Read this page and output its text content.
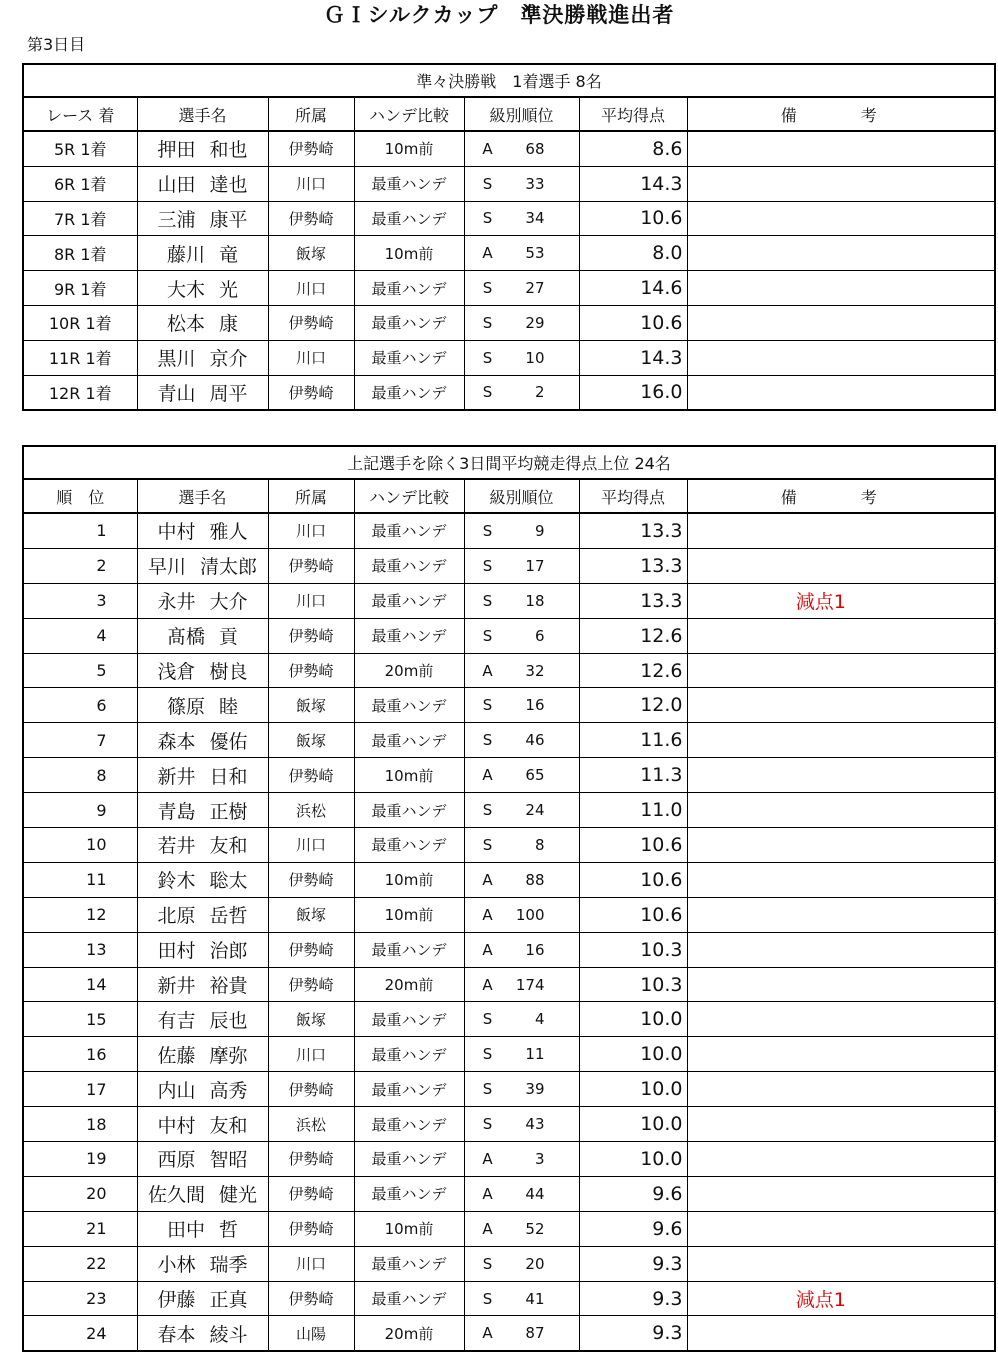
ＧＩシルクカップ　準決勝戦進出者
第3日目
準々決勝戦　1着選手 8名						
レース 着	選手名	所属	ハンデ比較	級別順位	平均得点	備　考
5R 1着	押田 和也	伊勢崎	10m前	A 68	8.6	
6R 1着	山田 達也	川口	最重ハンデ	S 33	14.3	
7R 1着	三浦 康平	伊勢崎	最重ハンデ	S 34	10.6	
8R 1着	藤川 竜	飯塚	10m前	A 53	8.0	
9R 1着	大木 光	川口	最重ハンデ	S 27	14.6	
10R 1着	松本 康	伊勢崎	最重ハンデ	S 29	10.6	
11R 1着	黒川 京介	川口	最重ハンデ	S 10	14.3	
12R 1着	青山 周平	伊勢崎	最重ハンデ	S 2	16.0	
上記選手を除く3日間平均競走得点上位 24名						
順　位	選手名	所属	ハンデ比較	級別順位	平均得点	備　考
1	中村 雅人	川口	最重ハンデ	S 9	13.3	
2	早川 清太郎	伊勢崎	最重ハンデ	S 17	13.3	
3	永井 大介	川口	最重ハンデ	S 18	13.3	減点1
4	髙橋 貢	伊勢崎	最重ハンデ	S 6	12.6	
5	浅倉 樹良	伊勢崎	20m前	A 32	12.6	
6	篠原 睦	飯塚	最重ハンデ	S 16	12.0	
7	森本 優佑	飯塚	最重ハンデ	S 46	11.6	
8	新井 日和	伊勢崎	10m前	A 65	11.3	
9	青島 正樹	浜松	最重ハンデ	S 24	11.0	
10	若井 友和	川口	最重ハンデ	S 8	10.6	
11	鈴木 聡太	伊勢崎	10m前	A 88	10.6	
12	北原 岳哲	飯塚	10m前	A 100	10.6	
13	田村 治郎	伊勢崎	最重ハンデ	A 16	10.3	
14	新井 裕貴	伊勢崎	20m前	A 174	10.3	
15	有吉 辰也	飯塚	最重ハンデ	S 4	10.0	
16	佐藤 摩弥	川口	最重ハンデ	S 11	10.0	
17	内山 高秀	伊勢崎	最重ハンデ	S 39	10.0	
18	中村 友和	浜松	最重ハンデ	S 43	10.0	
19	西原 智昭	伊勢崎	最重ハンデ	A 3	10.0	
20	佐久間 健光	伊勢崎	最重ハンデ	A 44	9.6	
21	田中 哲	伊勢崎	10m前	A 52	9.6	
22	小林 瑞季	川口	最重ハンデ	S 20	9.3	
23	伊藤 正真	伊勢崎	最重ハンデ	S 41	9.3	減点1
24	春本 綾斗	山陽	20m前	A 87	9.3	
